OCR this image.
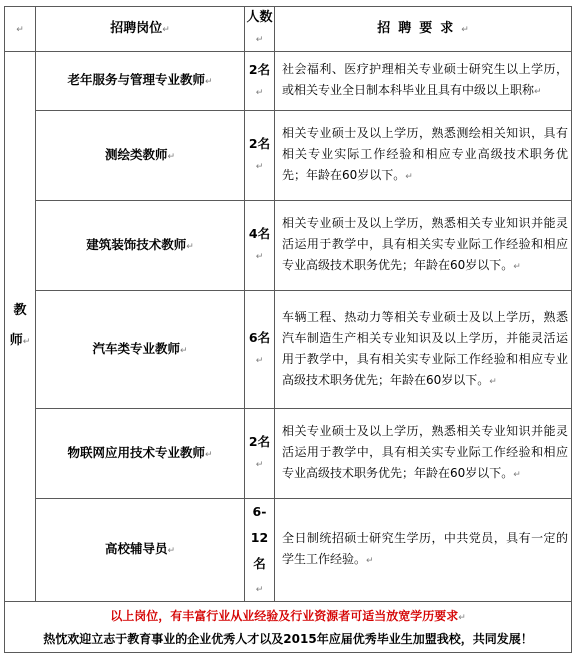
↵	招聘岗位↵	人数↵	招聘要求↵
教
师↵	老年服务与管理专业教师↵	2名↵	社会福利、医疗护理相关专业硕士研究生以上学历，或相关专业全日制本科毕业且具有中级以上职称↵
	测绘类教师↵	2名↵	相关专业硕士及以上学历，熟悉测绘相关知识，具有相关专业实际工作经验和相应专业高级技术职务优先；年龄在60岁以下。↵
	建筑装饰技术教师↵	4名↵	相关专业硕士及以上学历，熟悉相关专业知识并能灵活运用于教学中，具有相关实专业际工作经验和相应专业高级技术职务优先；年龄在60岁以下。↵
	汽车类专业教师↵	6名↵	车辆工程、热动力等相关专业硕士及以上学历，熟悉汽车制造生产相关专业知识及以上学历，并能灵活运用于教学中，具有相关实专业际工作经验和相应专业高级技术职务优先；年龄在60岁以下。↵
	物联网应用技术专业教师↵	2名↵	相关专业硕士及以上学历，熟悉相关专业知识并能灵活运用于教学中，具有相关实专业际工作经验和相应专业高级技术职务优先；年龄在60岁以下。↵
	高校辅导员↵	6-12名↵	全日制统招硕士研究生学历，中共党员，具有一定的学生工作经验。↵

以上岗位，有丰富行业从业经验及行业资源者可适当放宽学历要求↵
热忱欢迎立志于教育事业的企业优秀人才以及2015年应届优秀毕业生加盟我校，共同发展！			
